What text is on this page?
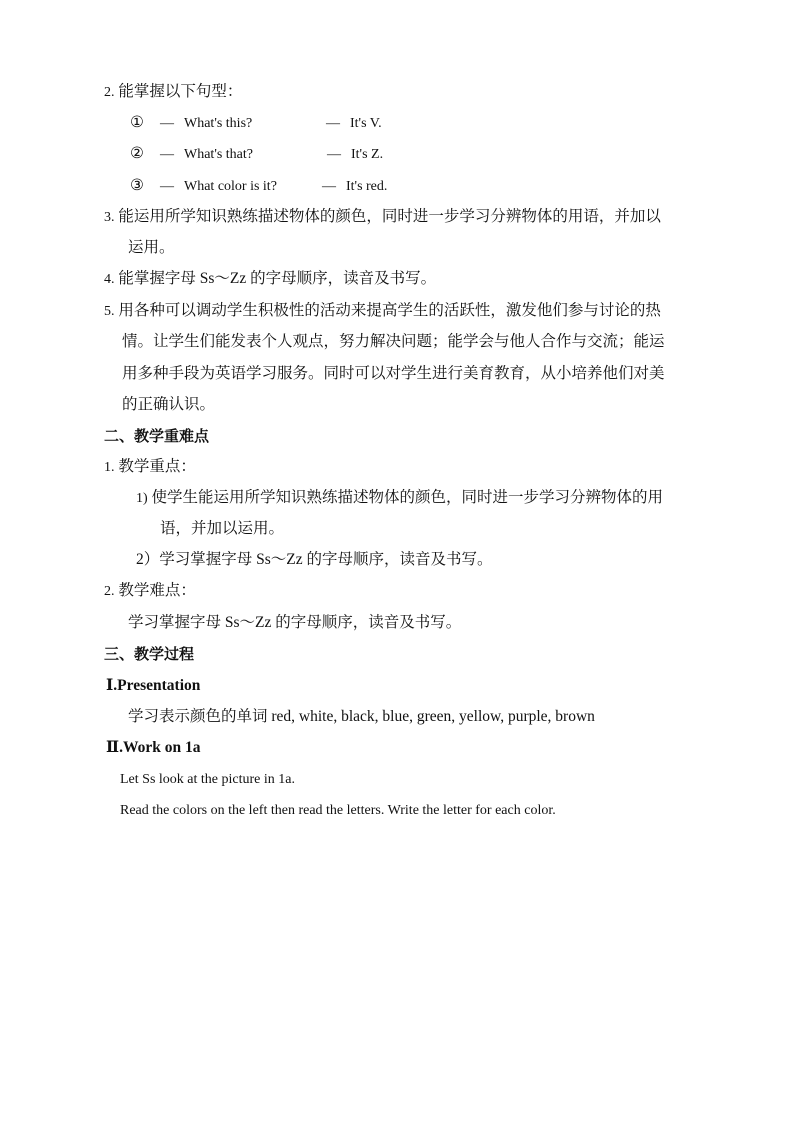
2. 能掌握以下句型：
① — What's this?	— It's V.
② — What's that?	— It's Z.
③ — What color is it?	— It's red.
3. 能运用所学知识熟练描述物体的颜色，同时进一步学习分辨物体的用语，并加以
运用。
4. 能掌握字母 Ss～Zz 的字母顺序，读音及书写。
5. 用各种可以调动学生积极性的活动来提高学生的活跃性，激发他们参与讨论的热
情。让学生们能发表个人观点，努力解决问题；能学会与他人合作与交流；能运
用多种手段为英语学习服务。同时可以对学生进行美育教育，从小培养他们对美
的正确认识。
二、教学重难点
1. 教学重点：
1) 使学生能运用所学知识熟练描述物体的颜色，同时进一步学习分辨物体的用
语，并加以运用。
2）学习掌握字母 Ss～Zz 的字母顺序，读音及书写。
2. 教学难点：
学习掌握字母 Ss～Zz 的字母顺序，读音及书写。
三、教学过程
Ⅰ.Presentation
学习表示颜色的单词 red, white, black, blue, green, yellow, purple, brown
Ⅱ.Work on 1a
Let Ss look at the picture in 1a.
Read the colors on the left then read the letters. Write the letter for each color.
